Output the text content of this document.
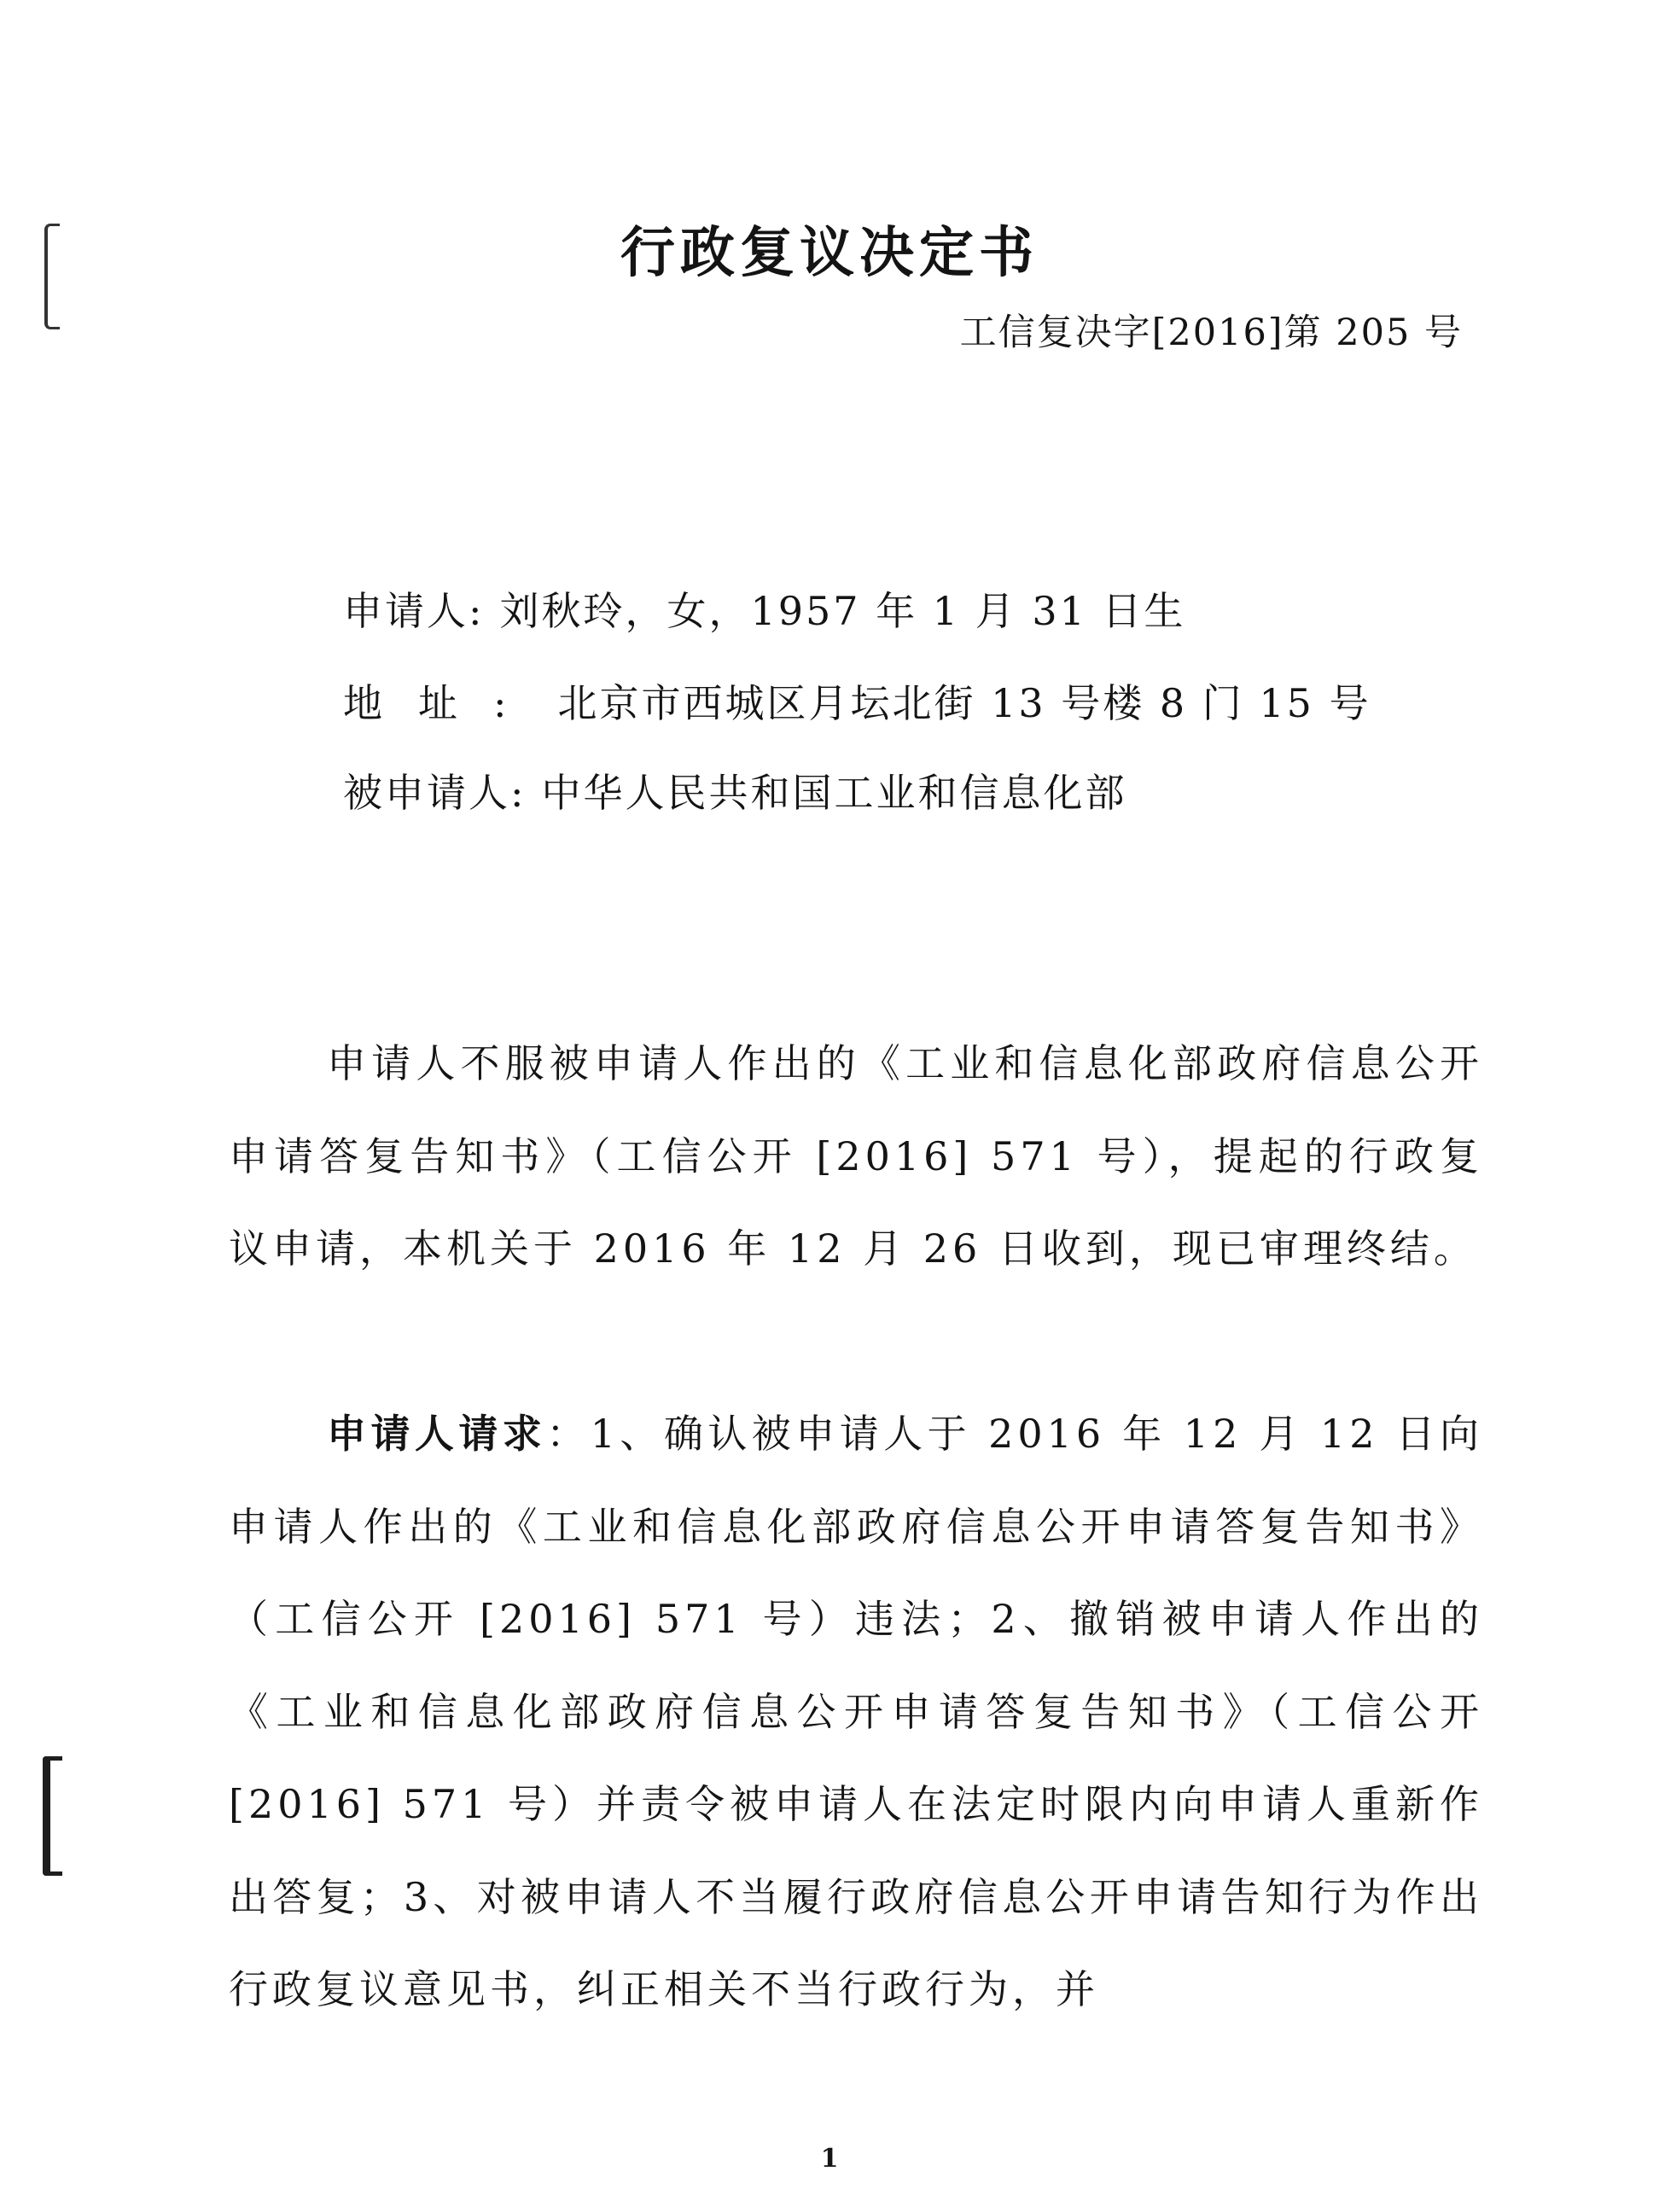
行政复议决定书
工信复决字[2016]第 205 号
申请人: 刘秋玲，女，1957 年 1 月 31 日生
地址: 北京市西城区月坛北街 13 号楼 8 门 15 号
被申请人: 中华人民共和国工业和信息化部

申请人不服被申请人作出的《工业和信息化部政府信息公开申请答复告知书》（工信公开 [2016] 571 号），提起的行政复议申请，本机关于 2016 年 12 月 26 日收到，现已审理终结。

申请人请求：1、确认被申请人于 2016 年 12 月 12 日向申请人作出的《工业和信息化部政府信息公开申请答复告知书》（工信公开 [2016] 571 号）违法；2、撤销被申请人作出的《工业和信息化部政府信息公开申请答复告知书》（工信公开 [2016] 571 号）并责令被申请人在法定时限内向申请人重新作出答复；3、对被申请人不当履行政府信息公开申请告知行为作出行政复议意见书，纠正相关不当行政行为，并

1
